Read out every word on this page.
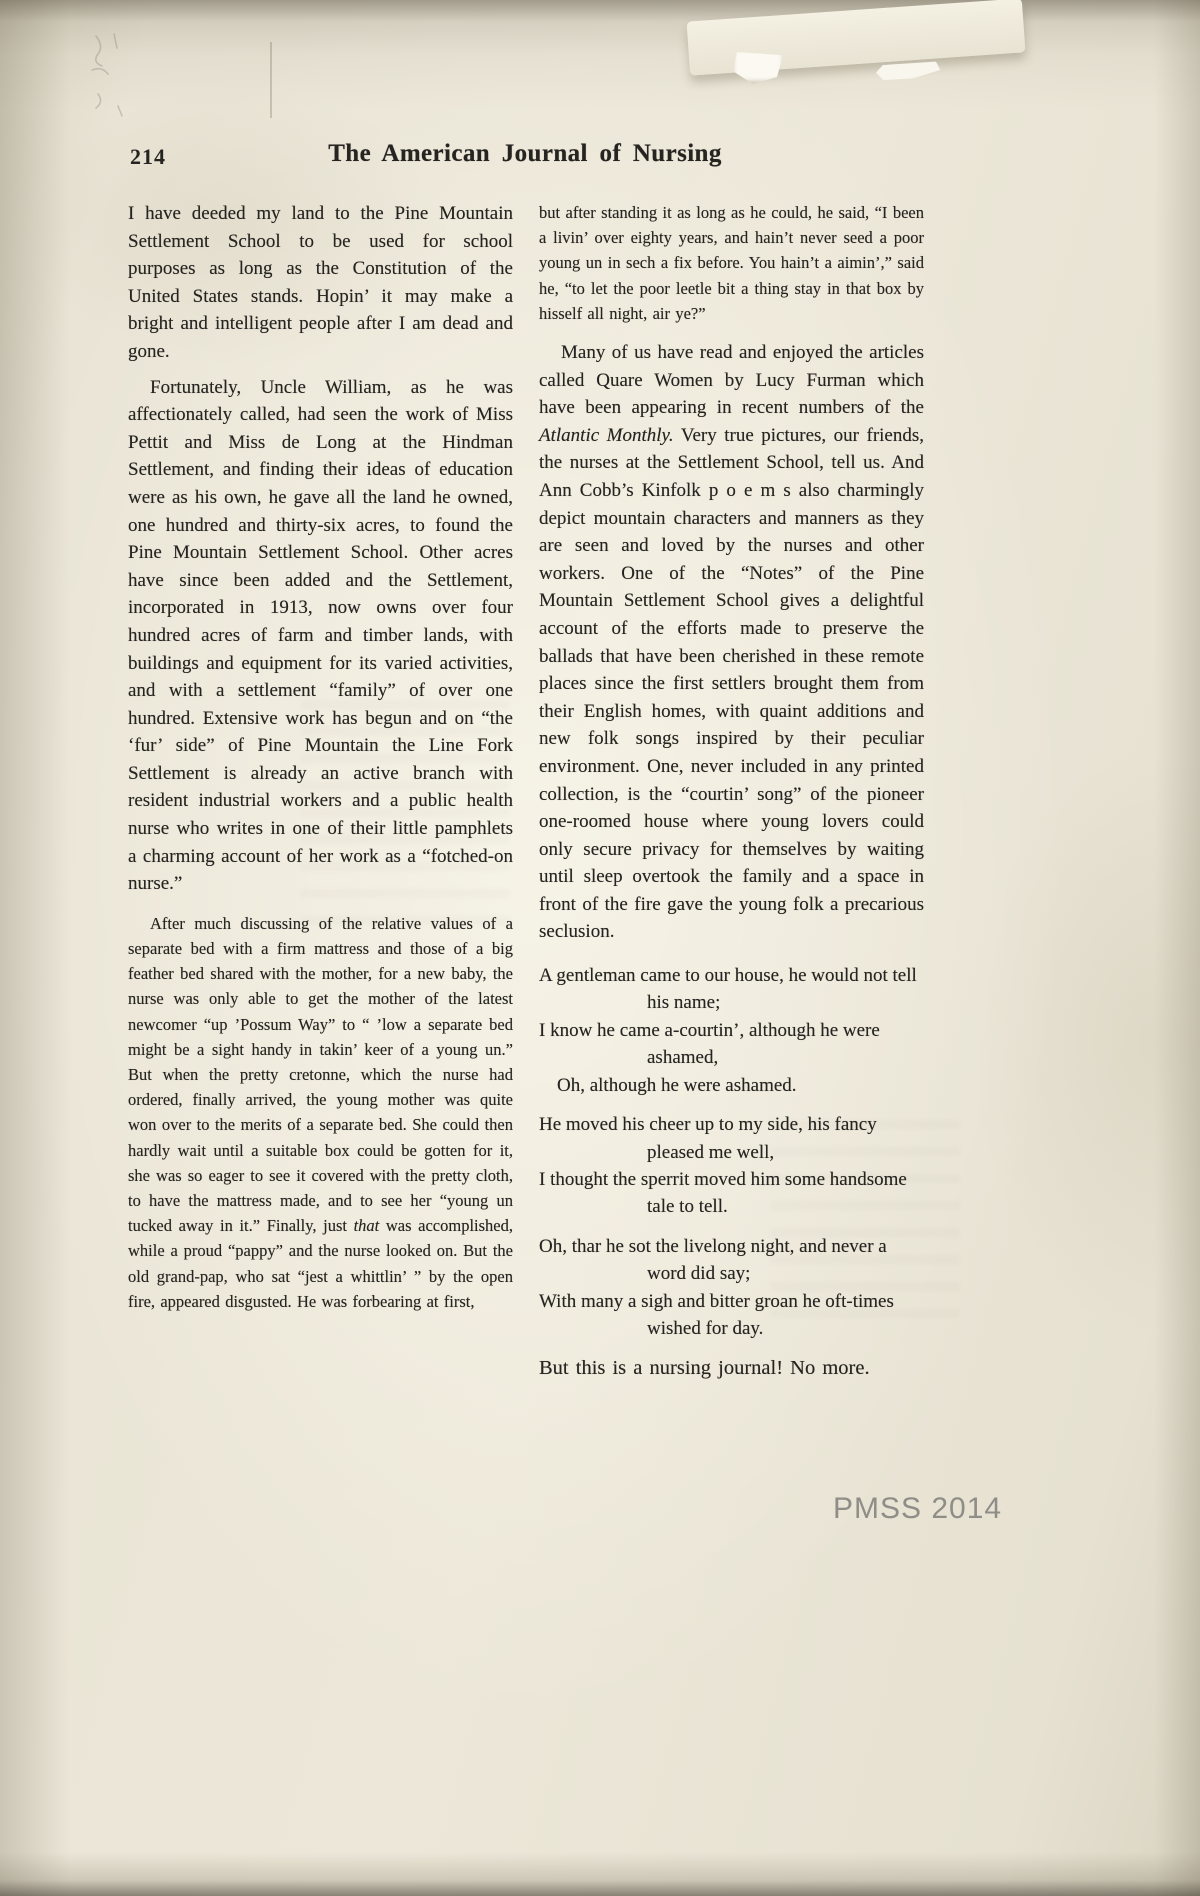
214	The American Journal of Nursing

I have deeded my land to the Pine Mountain Settlement School to be used for school purposes as long as the Constitution of the United States stands. Hopin’ it may make a bright and intelligent people after I am dead and gone.

Fortunately, Uncle William, as he was affectionately called, had seen the work of Miss Pettit and Miss de Long at the Hindman Settlement, and finding their ideas of education were as his own, he gave all the land he owned, one hundred and thirty-six acres, to found the Pine Mountain Settlement School. Other acres have since been added and the Settlement, incorporated in 1913, now owns over four hundred acres of farm and timber lands, with buildings and equipment for its varied activities, and with a settlement “family” of over one hundred. Extensive work has begun and on “the ‘fur’ side” of Pine Mountain the Line Fork Settlement is already an active branch with resident industrial workers and a public health nurse who writes in one of their little pamphlets a charming account of her work as a “fotched-on nurse.”

After much discussing of the relative values of a separate bed with a firm mattress and those of a big feather bed shared with the mother, for a new baby, the nurse was only able to get the mother of the latest newcomer “up ’Possum Way” to “ ’low a separate bed might be a sight handy in takin’ keer of a young un.” But when the pretty cretonne, which the nurse had ordered, finally arrived, the young mother was quite won over to the merits of a separate bed. She could then hardly wait until a suitable box could be gotten for it, she was so eager to see it covered with the pretty cloth, to have the mattress made, and to see her “young un tucked away in it.” Finally, just that was accomplished, while a proud “pappy” and the nurse looked on. But the old grand-pap, who sat “jest a whittlin’ ” by the open fire, appeared disgusted. He was forbearing at first,

but after standing it as long as he could, he said, “I been a livin’ over eighty years, and hain’t never seed a poor young un in sech a fix before. You hain’t a aimin’,” said he, “to let the poor leetle bit a thing stay in that box by hisself all night, air ye?”

Many of us have read and enjoyed the articles called Quare Women by Lucy Furman which have been appearing in recent numbers of the Atlantic Monthly. Very true pictures, our friends, the nurses at the Settlement School, tell us. And Ann Cobb’s Kinfolk p o e m s also charmingly depict mountain characters and manners as they are seen and loved by the nurses and other workers. One of the “Notes” of the Pine Mountain Settlement School gives a delightful account of the efforts made to preserve the ballads that have been cherished in these remote places since the first settlers brought them from their English homes, with quaint additions and new folk songs inspired by their peculiar environment. One, never included in any printed collection, is the “courtin’ song” of the pioneer one-roomed house where young lovers could only secure privacy for themselves by waiting until sleep overtook the family and a space in front of the fire gave the young folk a precarious seclusion.

A gentleman came to our house, he would not tell his name;
I know he came a-courtin’, although he were ashamed,
Oh, although he were ashamed.
He moved his cheer up to my side, his fancy pleased me well,
I thought the sperrit moved him some handsome tale to tell.
Oh, thar he sot the livelong night, and never a word did say;
With many a sigh and bitter groan he oft-times wished for day.

But this is a nursing journal! No more.

PMSS 2014
